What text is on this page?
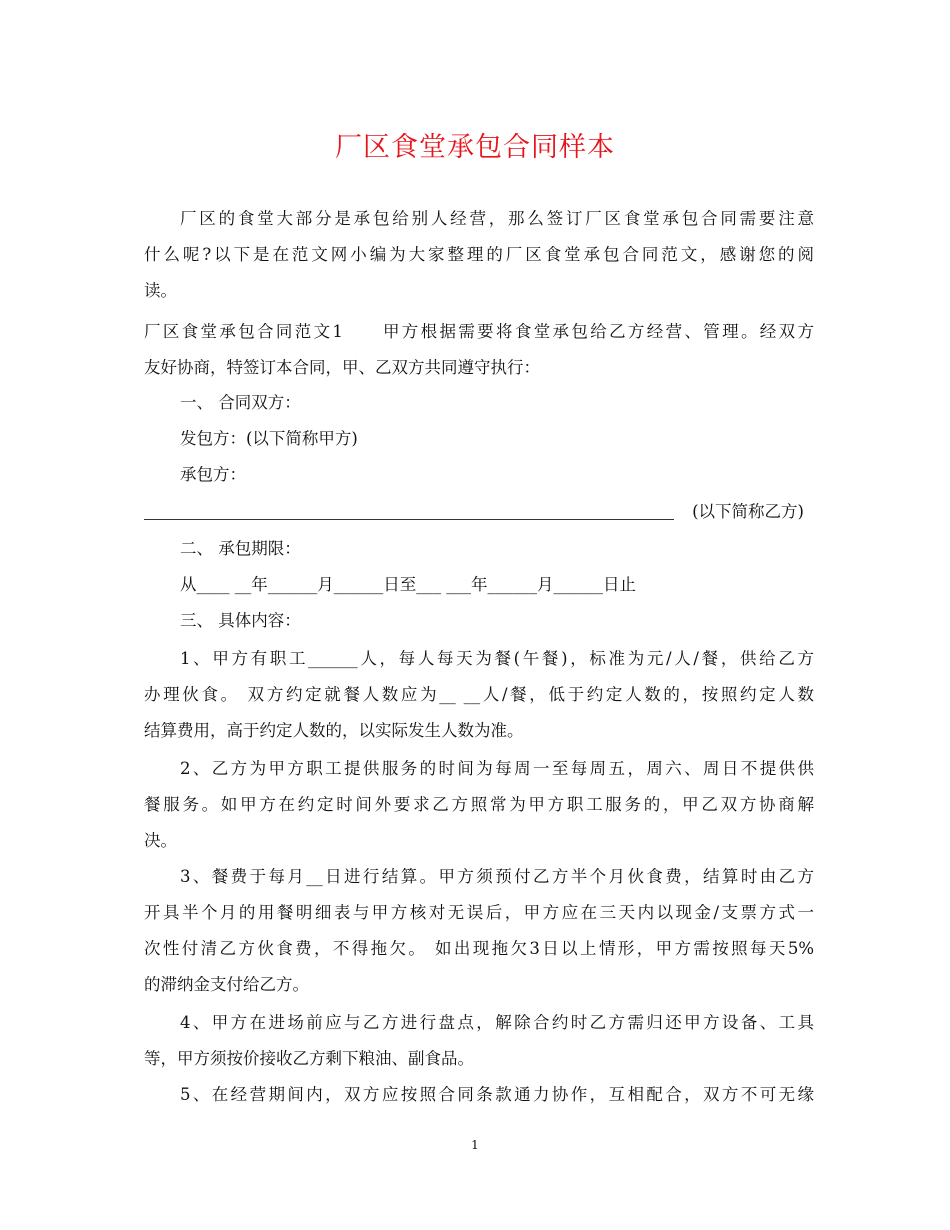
厂区食堂承包合同样本
厂区的食堂大部分是承包给别人经营，那么签订厂区食堂承包合同需要注意
什么呢?以下是在范文网小编为大家整理的厂区食堂承包合同范文，感谢您的阅
读。
厂区食堂承包合同范文1　　甲方根据需要将食堂承包给乙方经营、管理。经双方
友好协商，特签订本合同，甲、乙双方共同遵守执行：
一、 合同双方：
发包方：(以下简称甲方)
承包方：
(以下简称乙方)
二、 承包期限：
从____ __年______月______日至___ ___年______月______日止
三、 具体内容：
1、甲方有职工______人，每人每天为餐(午餐)，标准为元/人/餐，供给乙方
办理伙食。 双方约定就餐人数应为__ __人/餐，低于约定人数的，按照约定人数
结算费用，高于约定人数的，以实际发生人数为准。
2、乙方为甲方职工提供服务的时间为每周一至每周五，周六、周日不提供供
餐服务。如甲方在约定时间外要求乙方照常为甲方职工服务的，甲乙双方协商解
决。
3、餐费于每月__日进行结算。甲方须预付乙方半个月伙食费，结算时由乙方
开具半个月的用餐明细表与甲方核对无误后，甲方应在三天内以现金/支票方式一
次性付清乙方伙食费，不得拖欠。 如出现拖欠3日以上情形，甲方需按照每天5%
的滞纳金支付给乙方。
4、甲方在进场前应与乙方进行盘点，解除合约时乙方需归还甲方设备、工具
等，甲方须按价接收乙方剩下粮油、副食品。
5、在经营期间内，双方应按照合同条款通力协作，互相配合，双方不可无缘
1
